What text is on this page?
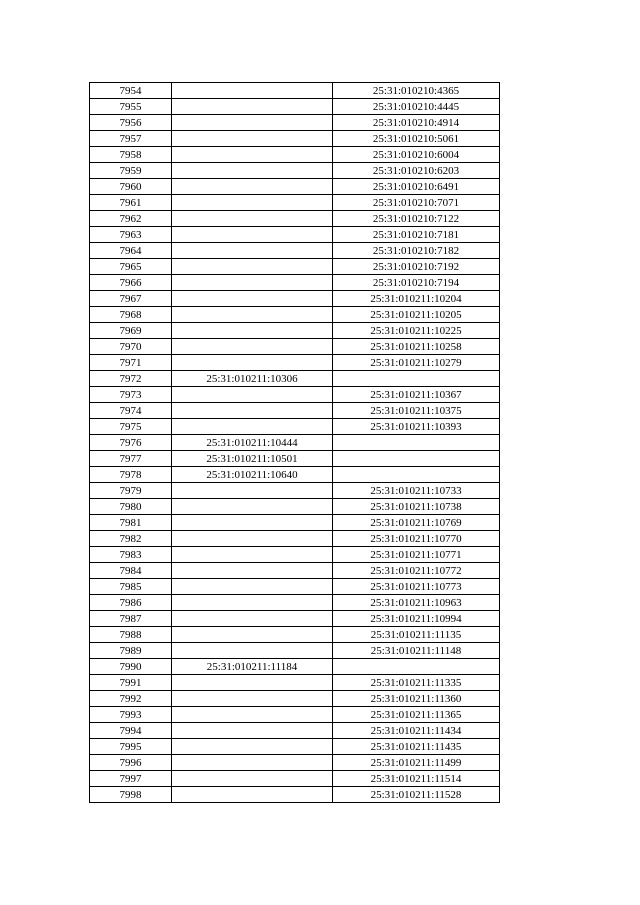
7954		25:31:010210:4365
7955		25:31:010210:4445
7956		25:31:010210:4914
7957		25:31:010210:5061
7958		25:31:010210:6004
7959		25:31:010210:6203
7960		25:31:010210:6491
7961		25:31:010210:7071
7962		25:31:010210:7122
7963		25:31:010210:7181
7964		25:31:010210:7182
7965		25:31:010210:7192
7966		25:31:010210:7194
7967		25:31:010211:10204
7968		25:31:010211:10205
7969		25:31:010211:10225
7970		25:31:010211:10258
7971		25:31:010211:10279
7972	25:31:010211:10306	
7973		25:31:010211:10367
7974		25:31:010211:10375
7975		25:31:010211:10393
7976	25:31:010211:10444	
7977	25:31:010211:10501	
7978	25:31:010211:10640	
7979		25:31:010211:10733
7980		25:31:010211:10738
7981		25:31:010211:10769
7982		25:31:010211:10770
7983		25:31:010211:10771
7984		25:31:010211:10772
7985		25:31:010211:10773
7986		25:31:010211:10963
7987		25:31:010211:10994
7988		25:31:010211:11135
7989		25:31:010211:11148
7990	25:31:010211:11184	
7991		25:31:010211:11335
7992		25:31:010211:11360
7993		25:31:010211:11365
7994		25:31:010211:11434
7995		25:31:010211:11435
7996		25:31:010211:11499
7997		25:31:010211:11514
7998		25:31:010211:11528
